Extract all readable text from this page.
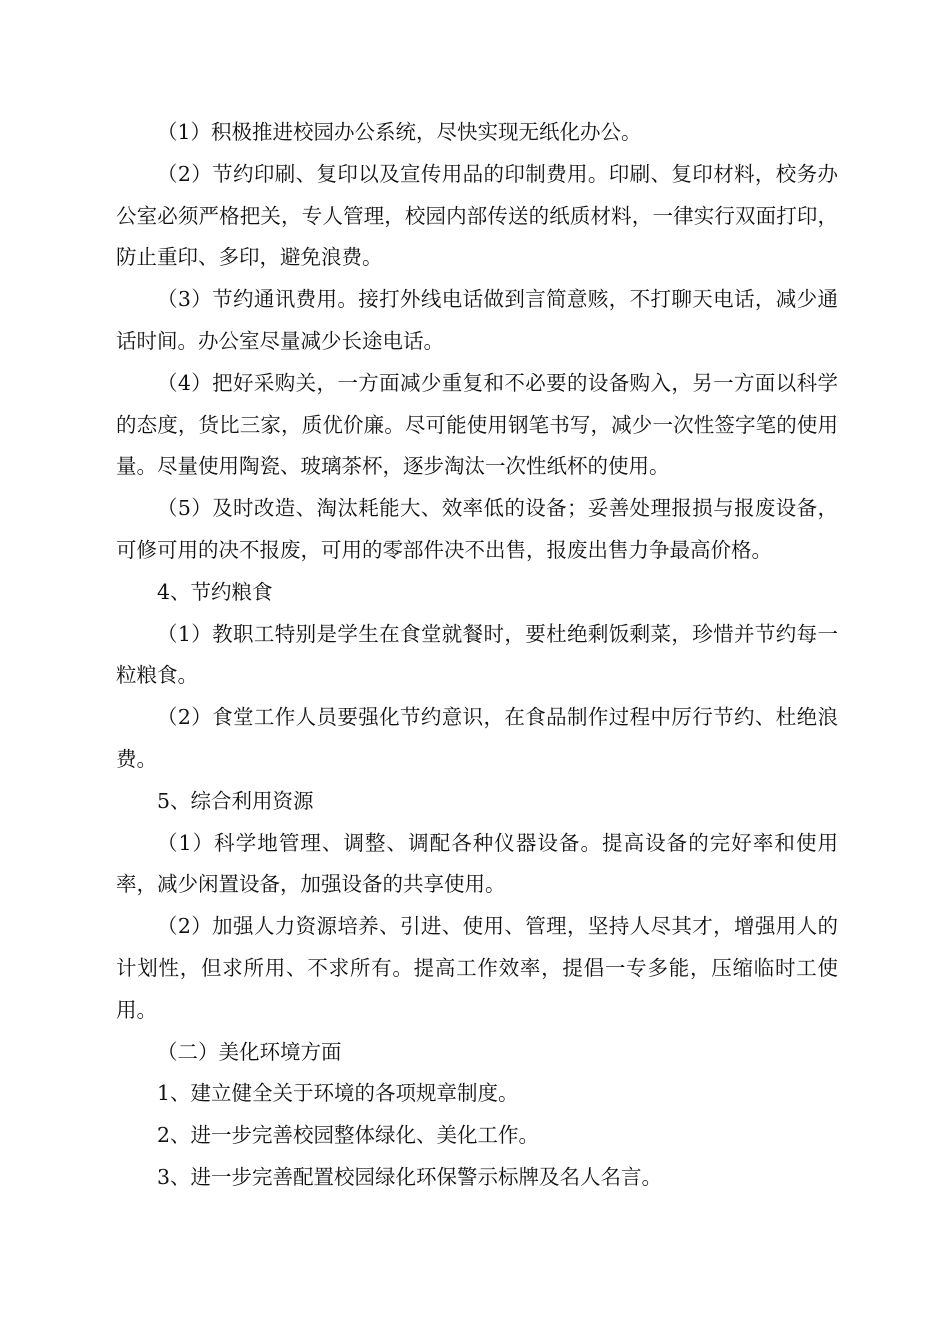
（1）积极推进校园办公系统，尽快实现无纸化办公。

（2）节约印刷、复印以及宣传用品的印制费用。印刷、复印材料，校务办公室必须严格把关，专人管理，校园内部传送的纸质材料，一律实行双面打印，防止重印、多印，避免浪费。

（3）节约通讯费用。接打外线电话做到言简意赅，不打聊天电话，减少通话时间。办公室尽量减少长途电话。

（4）把好采购关，一方面减少重复和不必要的设备购入，另一方面以科学的态度，货比三家，质优价廉。尽可能使用钢笔书写，减少一次性签字笔的使用量。尽量使用陶瓷、玻璃茶杯，逐步淘汰一次性纸杯的使用。

（5）及时改造、淘汰耗能大、效率低的设备；妥善处理报损与报废设备，可修可用的决不报废，可用的零部件决不出售，报废出售力争最高价格。

4、节约粮食

（1）教职工特别是学生在食堂就餐时，要杜绝剩饭剩菜，珍惜并节约每一粒粮食。

（2）食堂工作人员要强化节约意识，在食品制作过程中厉行节约、杜绝浪费。

5、综合利用资源

（1）科学地管理、调整、调配各种仪器设备。提高设备的完好率和使用率，减少闲置设备，加强设备的共享使用。

（2）加强人力资源培养、引进、使用、管理，坚持人尽其才，增强用人的计划性，但求所用、不求所有。提高工作效率，提倡一专多能，压缩临时工使用。

（二）美化环境方面

1、建立健全关于环境的各项规章制度。

2、进一步完善校园整体绿化、美化工作。

3、进一步完善配置校园绿化环保警示标牌及名人名言。
